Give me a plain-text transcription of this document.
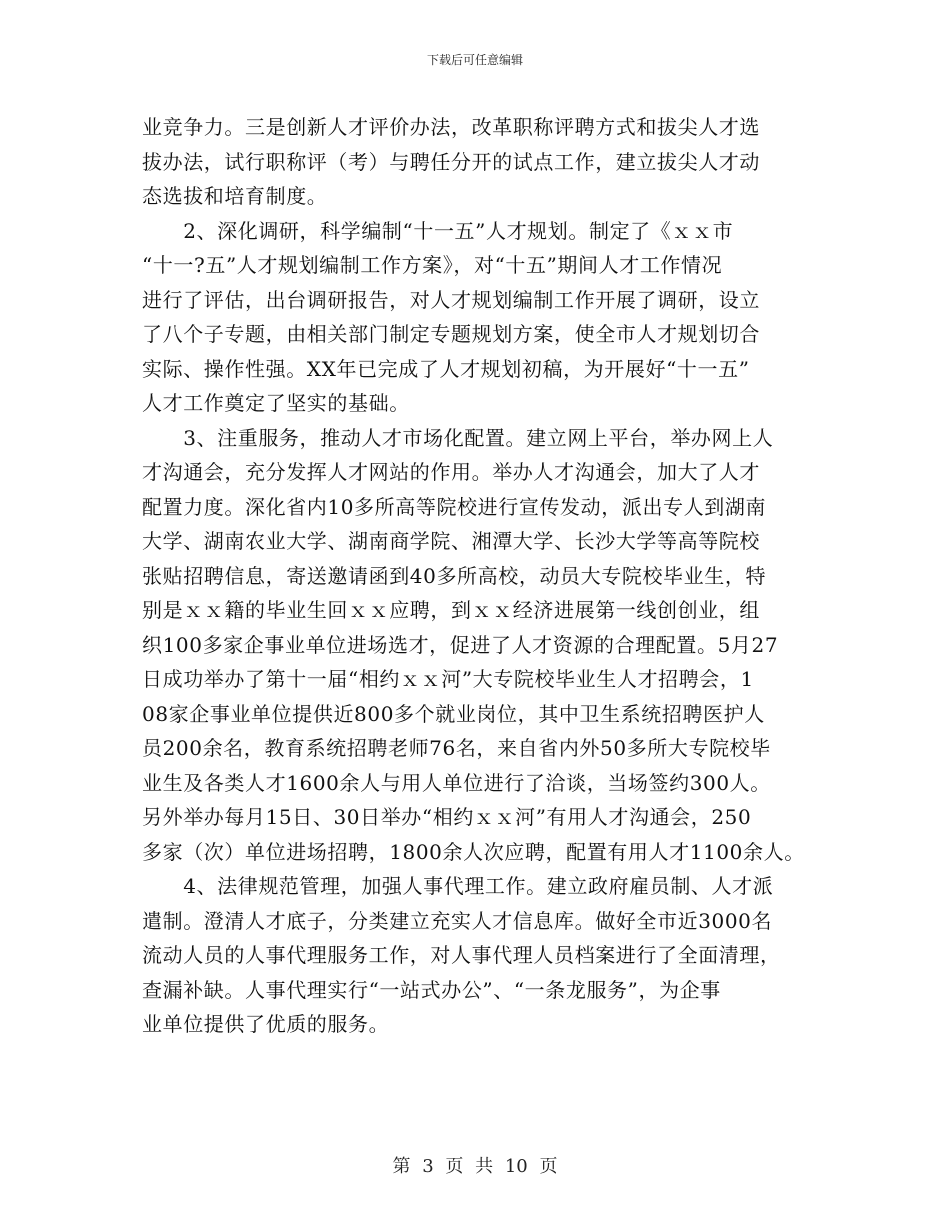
下载后可任意编辑
业竞争力。三是创新人才评价办法，改革职称评聘方式和拔尖人才选
拔办法，试行职称评（考）与聘任分开的试点工作，建立拔尖人才动
态选拔和培育制度。
　　2、深化调研，科学编制“十一五”人才规划。制定了《ｘｘ市
“十一?五”人才规划编制工作方案》，对“十五”期间人才工作情况
进行了评估，出台调研报告，对人才规划编制工作开展了调研，设立
了八个子专题，由相关部门制定专题规划方案，使全市人才规划切合
实际、操作性强。XX年已完成了人才规划初稿，为开展好“十一五”
人才工作奠定了坚实的基础。
　　3、注重服务，推动人才市场化配置。建立网上平台，举办网上人
才沟通会，充分发挥人才网站的作用。举办人才沟通会，加大了人才
配置力度。深化省内10多所高等院校进行宣传发动，派出专人到湖南
大学、湖南农业大学、湖南商学院、湘潭大学、长沙大学等高等院校
张贴招聘信息，寄送邀请函到40多所高校，动员大专院校毕业生，特
别是ｘｘ籍的毕业生回ｘｘ应聘，到ｘｘ经济进展第一线创创业，组
织100多家企事业单位进场选才，促进了人才资源的合理配置。5月27
日成功举办了第十一届“相约ｘｘ河”大专院校毕业生人才招聘会，1
08家企事业单位提供近800多个就业岗位，其中卫生系统招聘医护人
员200余名，教育系统招聘老师76名，来自省内外50多所大专院校毕
业生及各类人才1600余人与用人单位进行了洽谈，当场签约300人。
另外举办每月15日、30日举办“相约ｘｘ河”有用人才沟通会，250
多家（次）单位进场招聘，1800余人次应聘，配置有用人才1100余人。
　　4、法律规范管理，加强人事代理工作。建立政府雇员制、人才派
遣制。澄清人才底子，分类建立充实人才信息库。做好全市近3000名
流动人员的人事代理服务工作，对人事代理人员档案进行了全面清理，
查漏补缺。人事代理实行“一站式办公”、“一条龙服务”，为企事
业单位提供了优质的服务。
第 3 页 共 10 页
